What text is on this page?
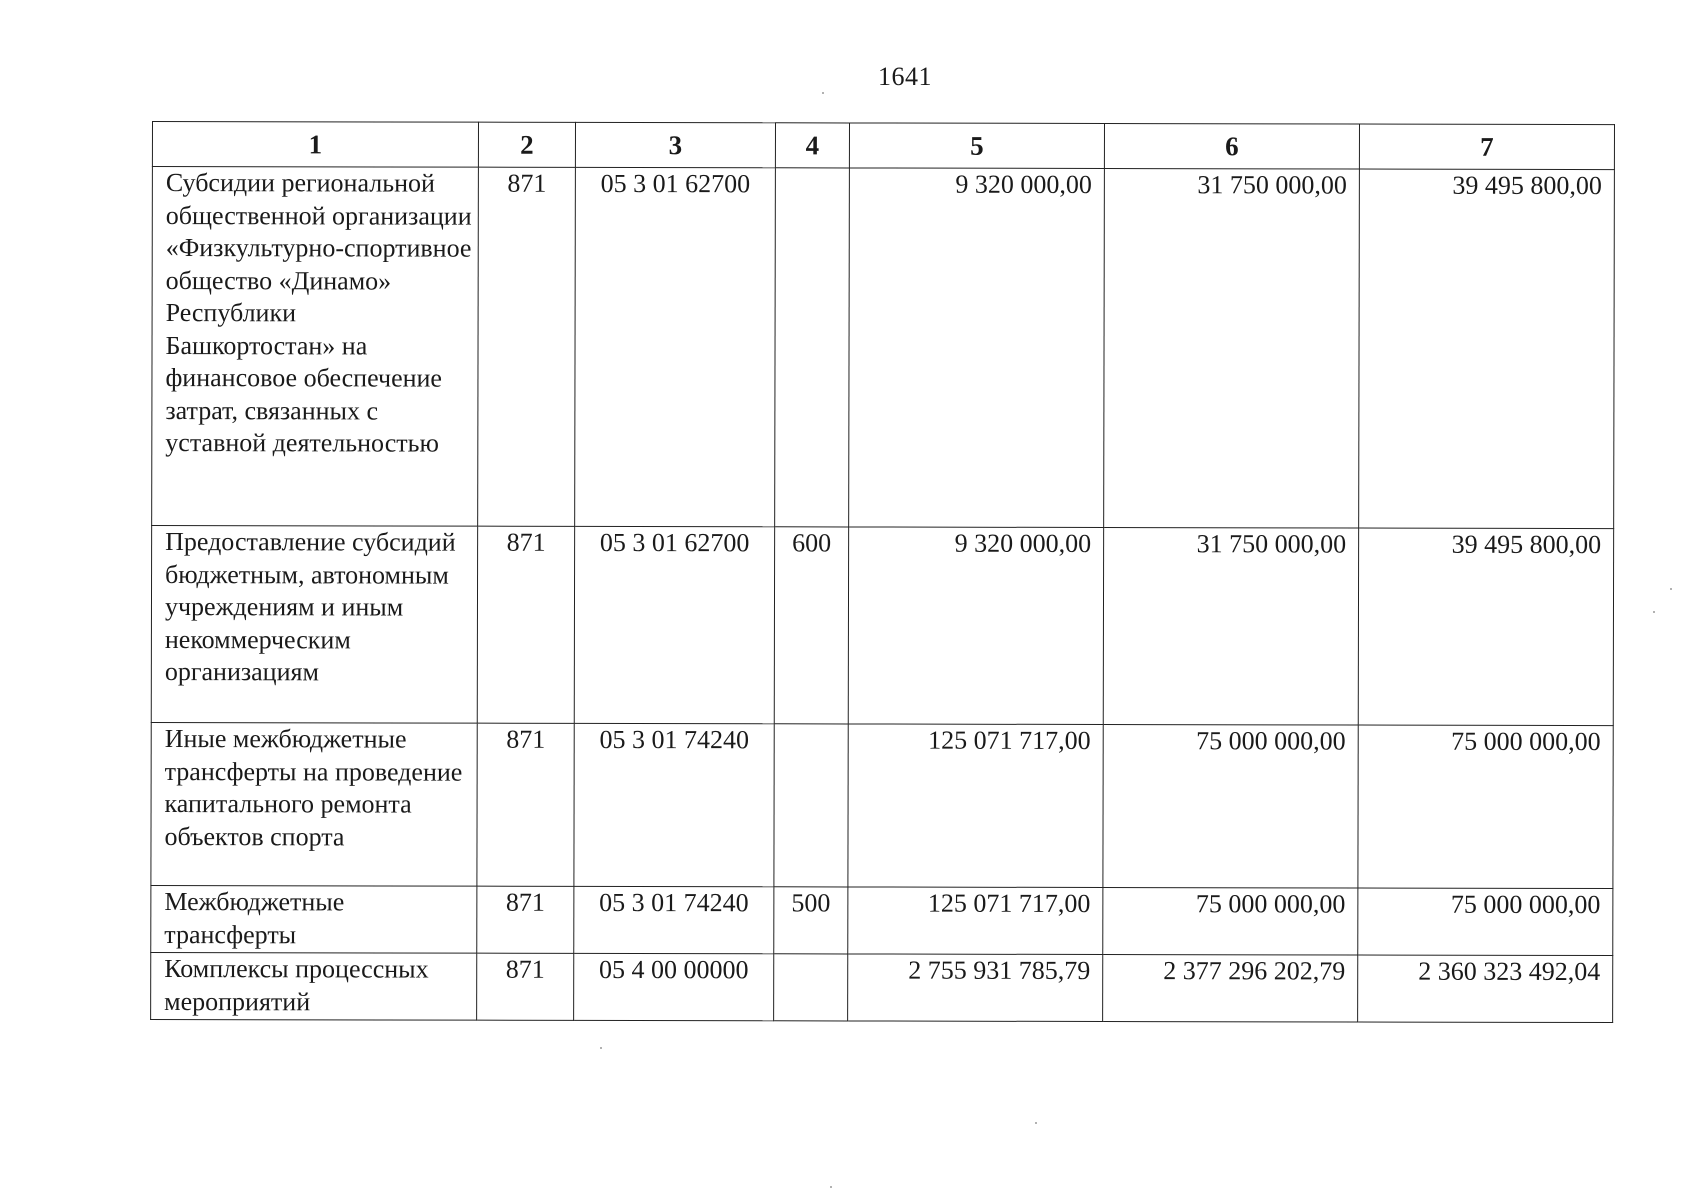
1641
1	2	3	4	5	6	7
Субсидии региональной общественной организации «Физкультурно-спортивное общество «Динамо» Республики Башкортостан» на финансовое обеспечение затрат, связанных с уставной деятельностью	871	05 3 01 62700		9 320 000,00	31 750 000,00	39 495 800,00
Предоставление субсидий бюджетным, автономным учреждениям и иным некоммерческим организациям	871	05 3 01 62700	600	9 320 000,00	31 750 000,00	39 495 800,00
Иные межбюджетные трансферты на проведение капитального ремонта объектов спорта	871	05 3 01 74240		125 071 717,00	75 000 000,00	75 000 000,00
Межбюджетные трансферты	871	05 3 01 74240	500	125 071 717,00	75 000 000,00	75 000 000,00
Комплексы процессных мероприятий	871	05 4 00 00000		2 755 931 785,79	2 377 296 202,79	2 360 323 492,04
